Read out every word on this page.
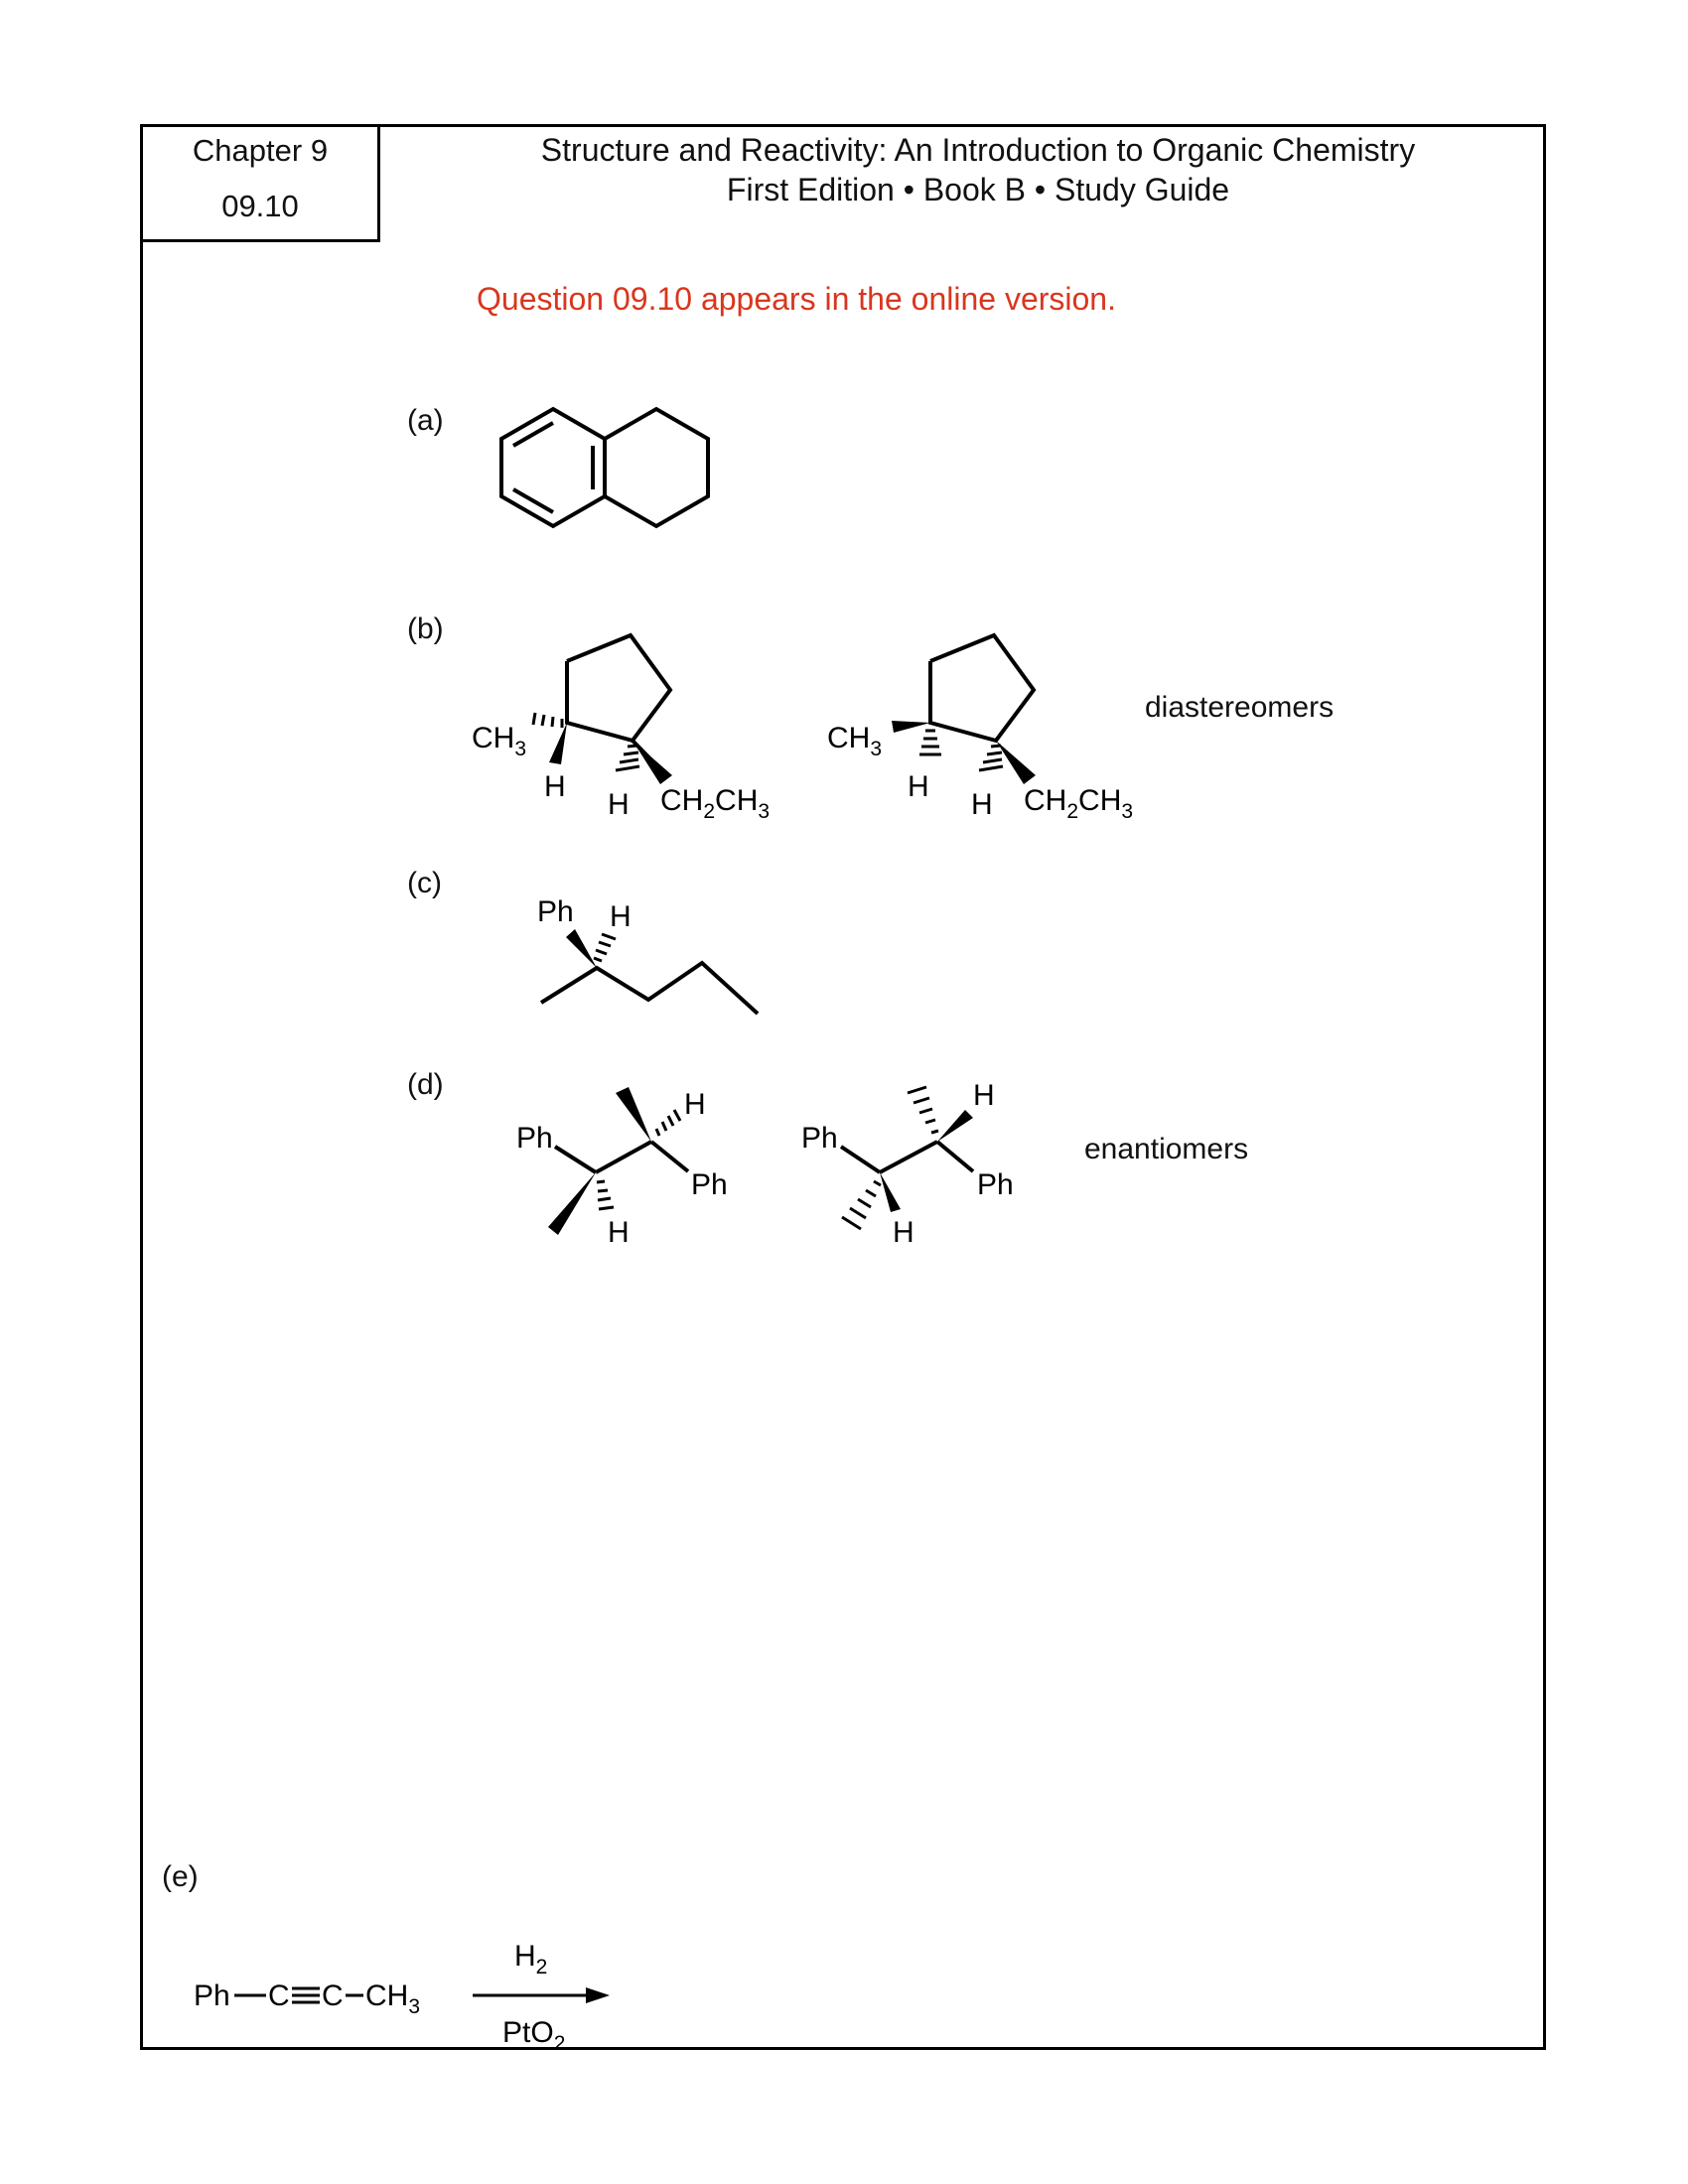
Chapter 9
09.10
Structure and Reactivity: An Introduction to Organic Chemistry
First Edition • Book B • Study Guide
Question 09.10 appears in the online version.
(a)
(b)
(c)
(d)
(e)
diastereomers
enantiomers
$CH_3$
H
H $CH_2CH_3$
$CH_3$
H
H $CH_2CH_3$
Ph H
Ph
Ph
H
H
Ph
Ph
H
H
Ph C C $CH_3$
$H_2$
PtO$_2$
